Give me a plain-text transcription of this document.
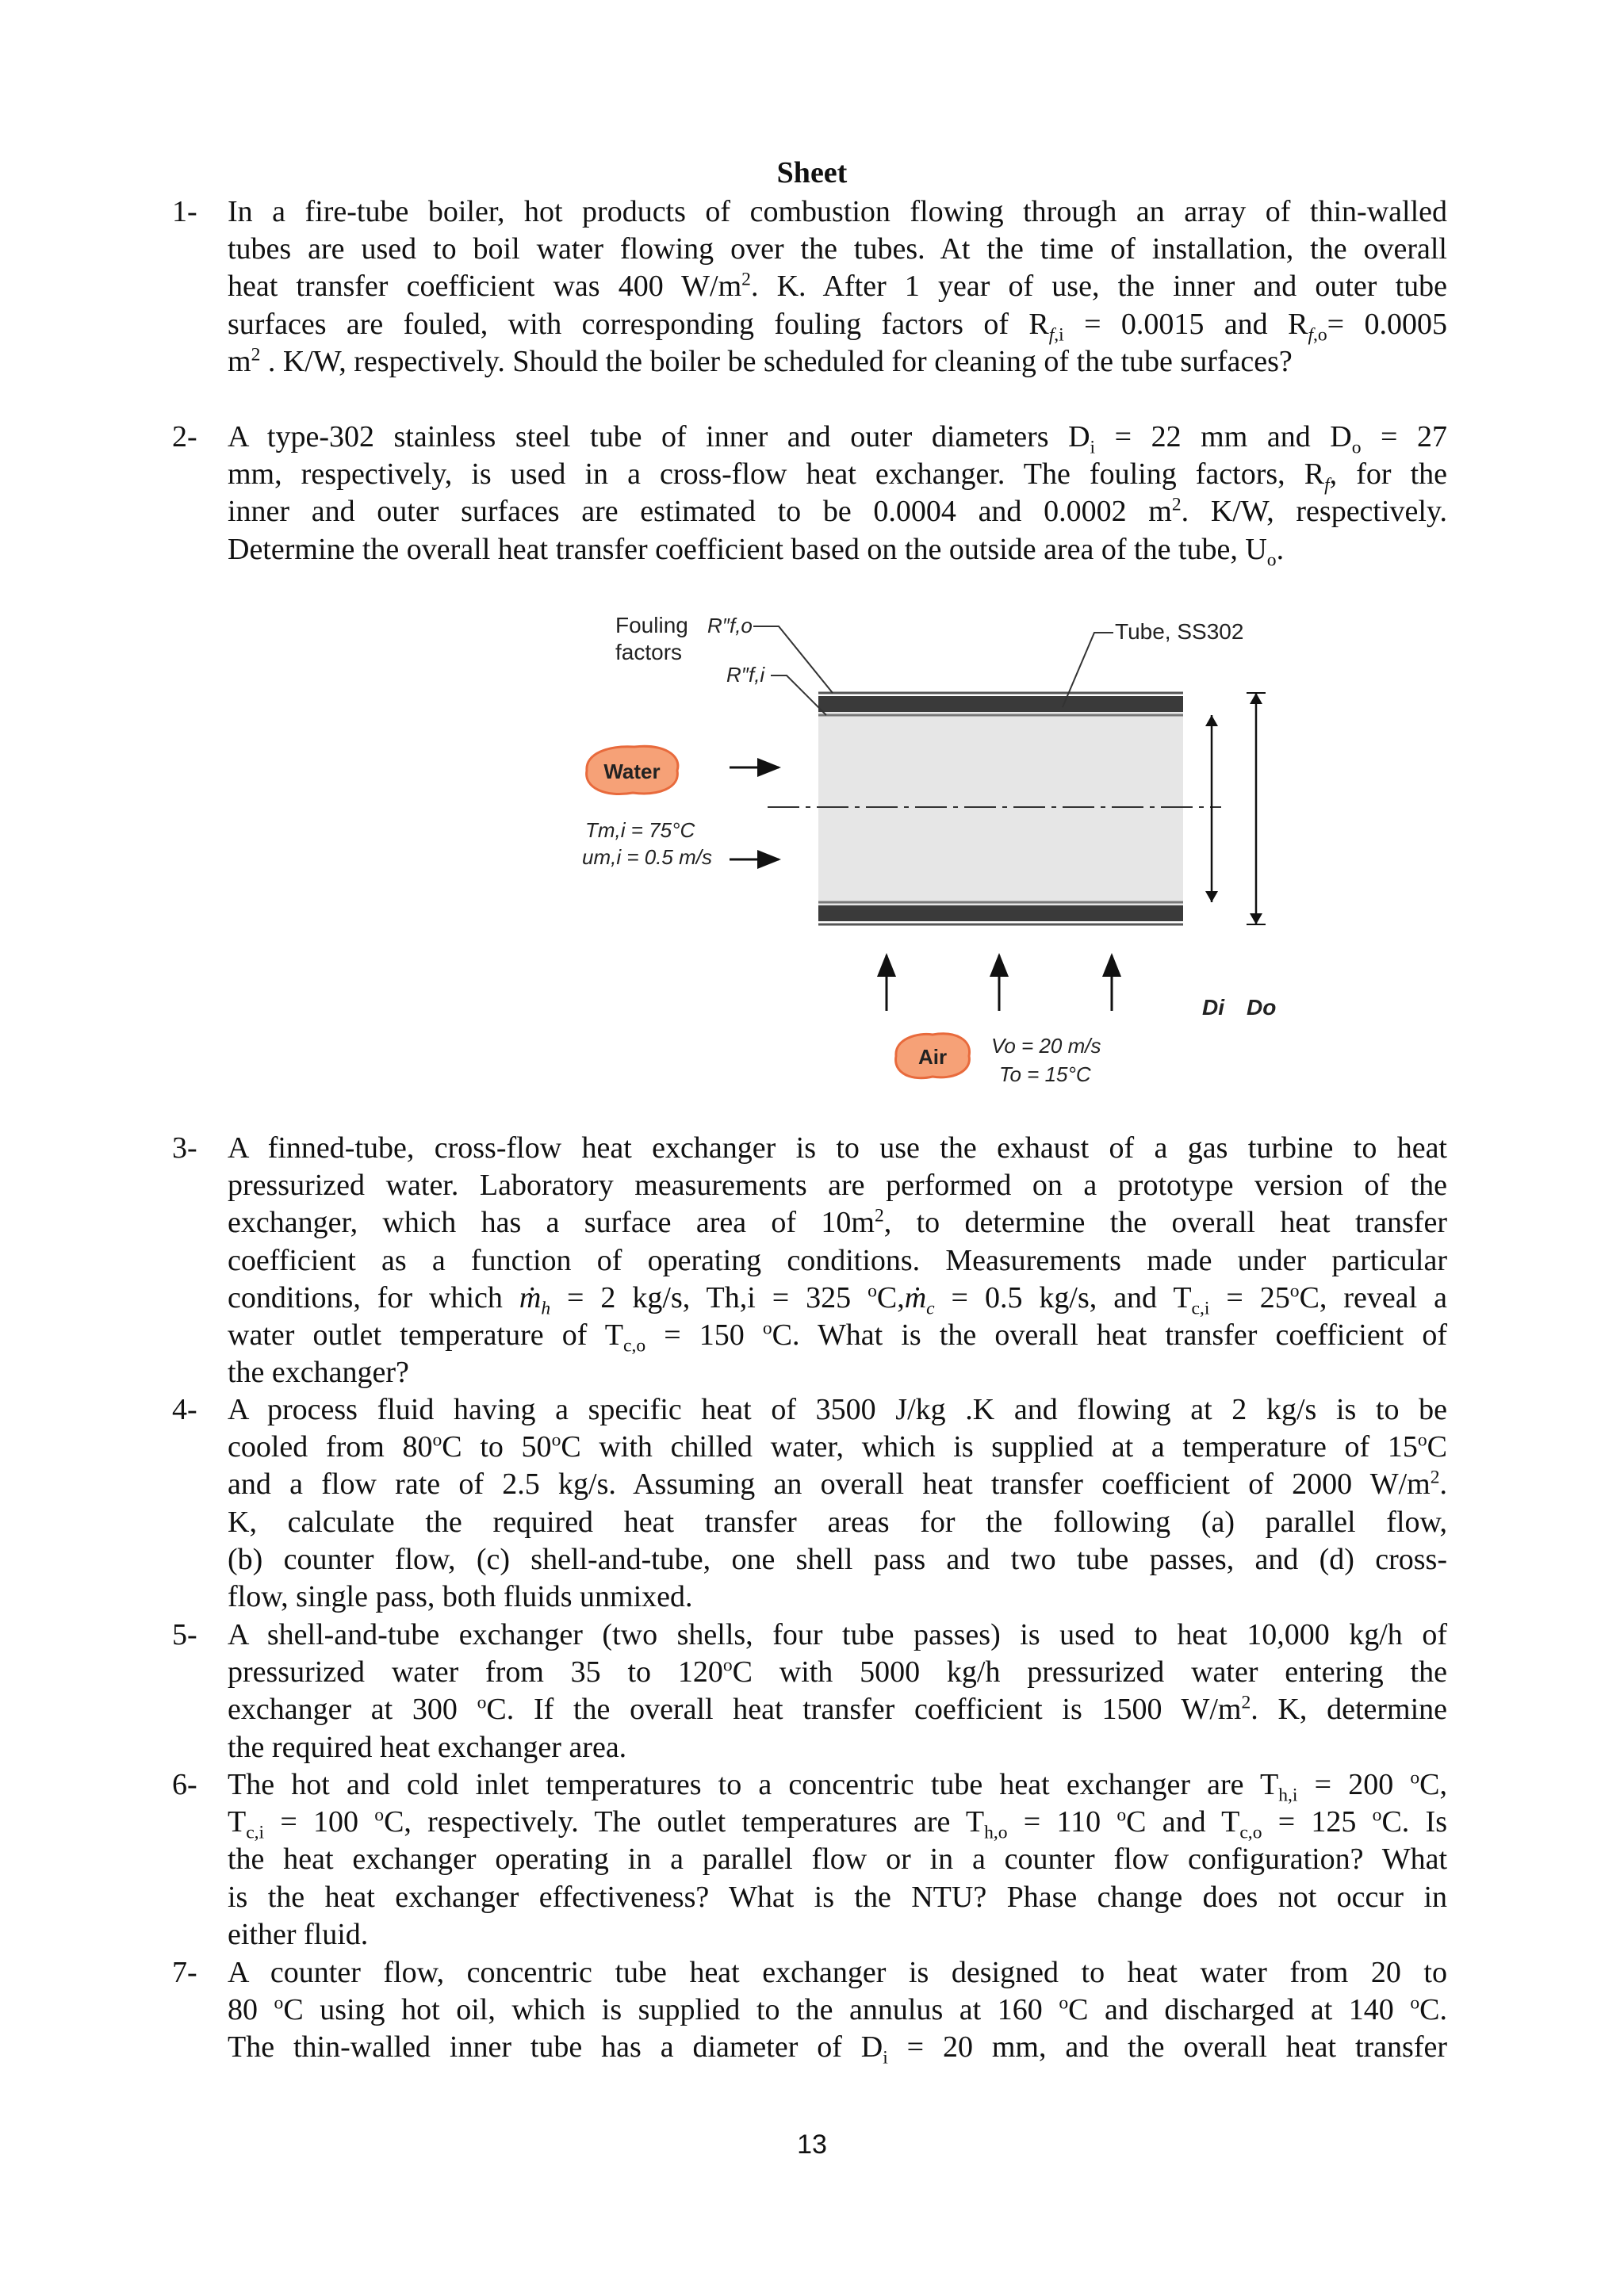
Sheet
1-	In a fire-tube boiler, hot products of combustion flowing through an array of thin-walled
tubes are used to boil water flowing over the tubes. At the time of installation, the overall
heat transfer coefficient was 400 $W/m^2$. K. After 1 year of use, the inner and outer tube
surfaces are fouled, with corresponding fouling factors of $R_{f,i} = 0.0015$ and $R_{f,o}= 0.0005$
$m^2$ . K/W, respectively. Should the boiler be scheduled for cleaning of the tube surfaces?
2-	A type-302 stainless steel tube of inner and outer diameters $D_i = 22$ mm and $D_o = 27$
mm, respectively, is used in a cross-flow heat exchanger. The fouling factors, $R_f$, for the
inner and outer surfaces are estimated to be 0.0004 and 0.0002 $m^2$. K/W, respectively.
Determine the overall heat transfer coefficient based on the outside area of the tube, $U_o$.
Fouling
factors
R″f,o
R″f,i
Tube, SS302
Water
Tm,i = 75°C
um,i = 0.5 m/s
Air Vo = 20 m/s
To = 15°C
Di Do
3-	A finned-tube, cross-flow heat exchanger is to use the exhaust of a gas turbine to heat
pressurized water. Laboratory measurements are performed on a prototype version of the
exchanger, which has a surface area of $10m^2$, to determine the overall heat transfer
coefficient as a function of operating conditions. Measurements made under particular
conditions, for which ṁ$_h$ = 2 kg/s, Th,i = 325 $^o$C,ṁ$_c$ = 0.5 kg/s, and $T_{c,i} = 25^oC$, reveal a
water outlet temperature of $T_{c,o} = 150$ $^o$C. What is the overall heat transfer coefficient of
the exchanger?
4-	A process fluid having a specific heat of 3500 J/kg .K and flowing at 2 kg/s is to be
cooled from 80$^o$C to 50$^o$C with chilled water, which is supplied at a temperature of 15$^o$C
and a flow rate of 2.5 kg/s. Assuming an overall heat transfer coefficient of 2000 $W/m^2$.
K, calculate the required heat transfer areas for the following (a) parallel flow,
(b) counter flow, (c) shell-and-tube, one shell pass and two tube passes, and (d) cross-
flow, single pass, both fluids unmixed.
5-	A shell-and-tube exchanger (two shells, four tube passes) is used to heat 10,000 kg/h of
pressurized water from 35 to 120$^o$C with 5000 kg/h pressurized water entering the
exchanger at 300 $^o$C. If the overall heat transfer coefficient is 1500 $W/m^2$. K, determine
the required heat exchanger area.
6-	The hot and cold inlet temperatures to a concentric tube heat exchanger are $T_{h,i} = 200$ $^o$C,
$T_{c,i} = 100$ $^o$C, respectively. The outlet temperatures are $T_{h,o} = 110$ $^o$C and $T_{c,o} = 125$ $^o$C. Is
the heat exchanger operating in a parallel flow or in a counter flow configuration? What
is the heat exchanger effectiveness? What is the NTU? Phase change does not occur in
either fluid.
7-	A counter flow, concentric tube heat exchanger is designed to heat water from 20 to
80 $^o$C using hot oil, which is supplied to the annulus at 160 $^o$C and discharged at 140 $^o$C.
The thin-walled inner tube has a diameter of $D_i = 20$ mm, and the overall heat transfer
13
